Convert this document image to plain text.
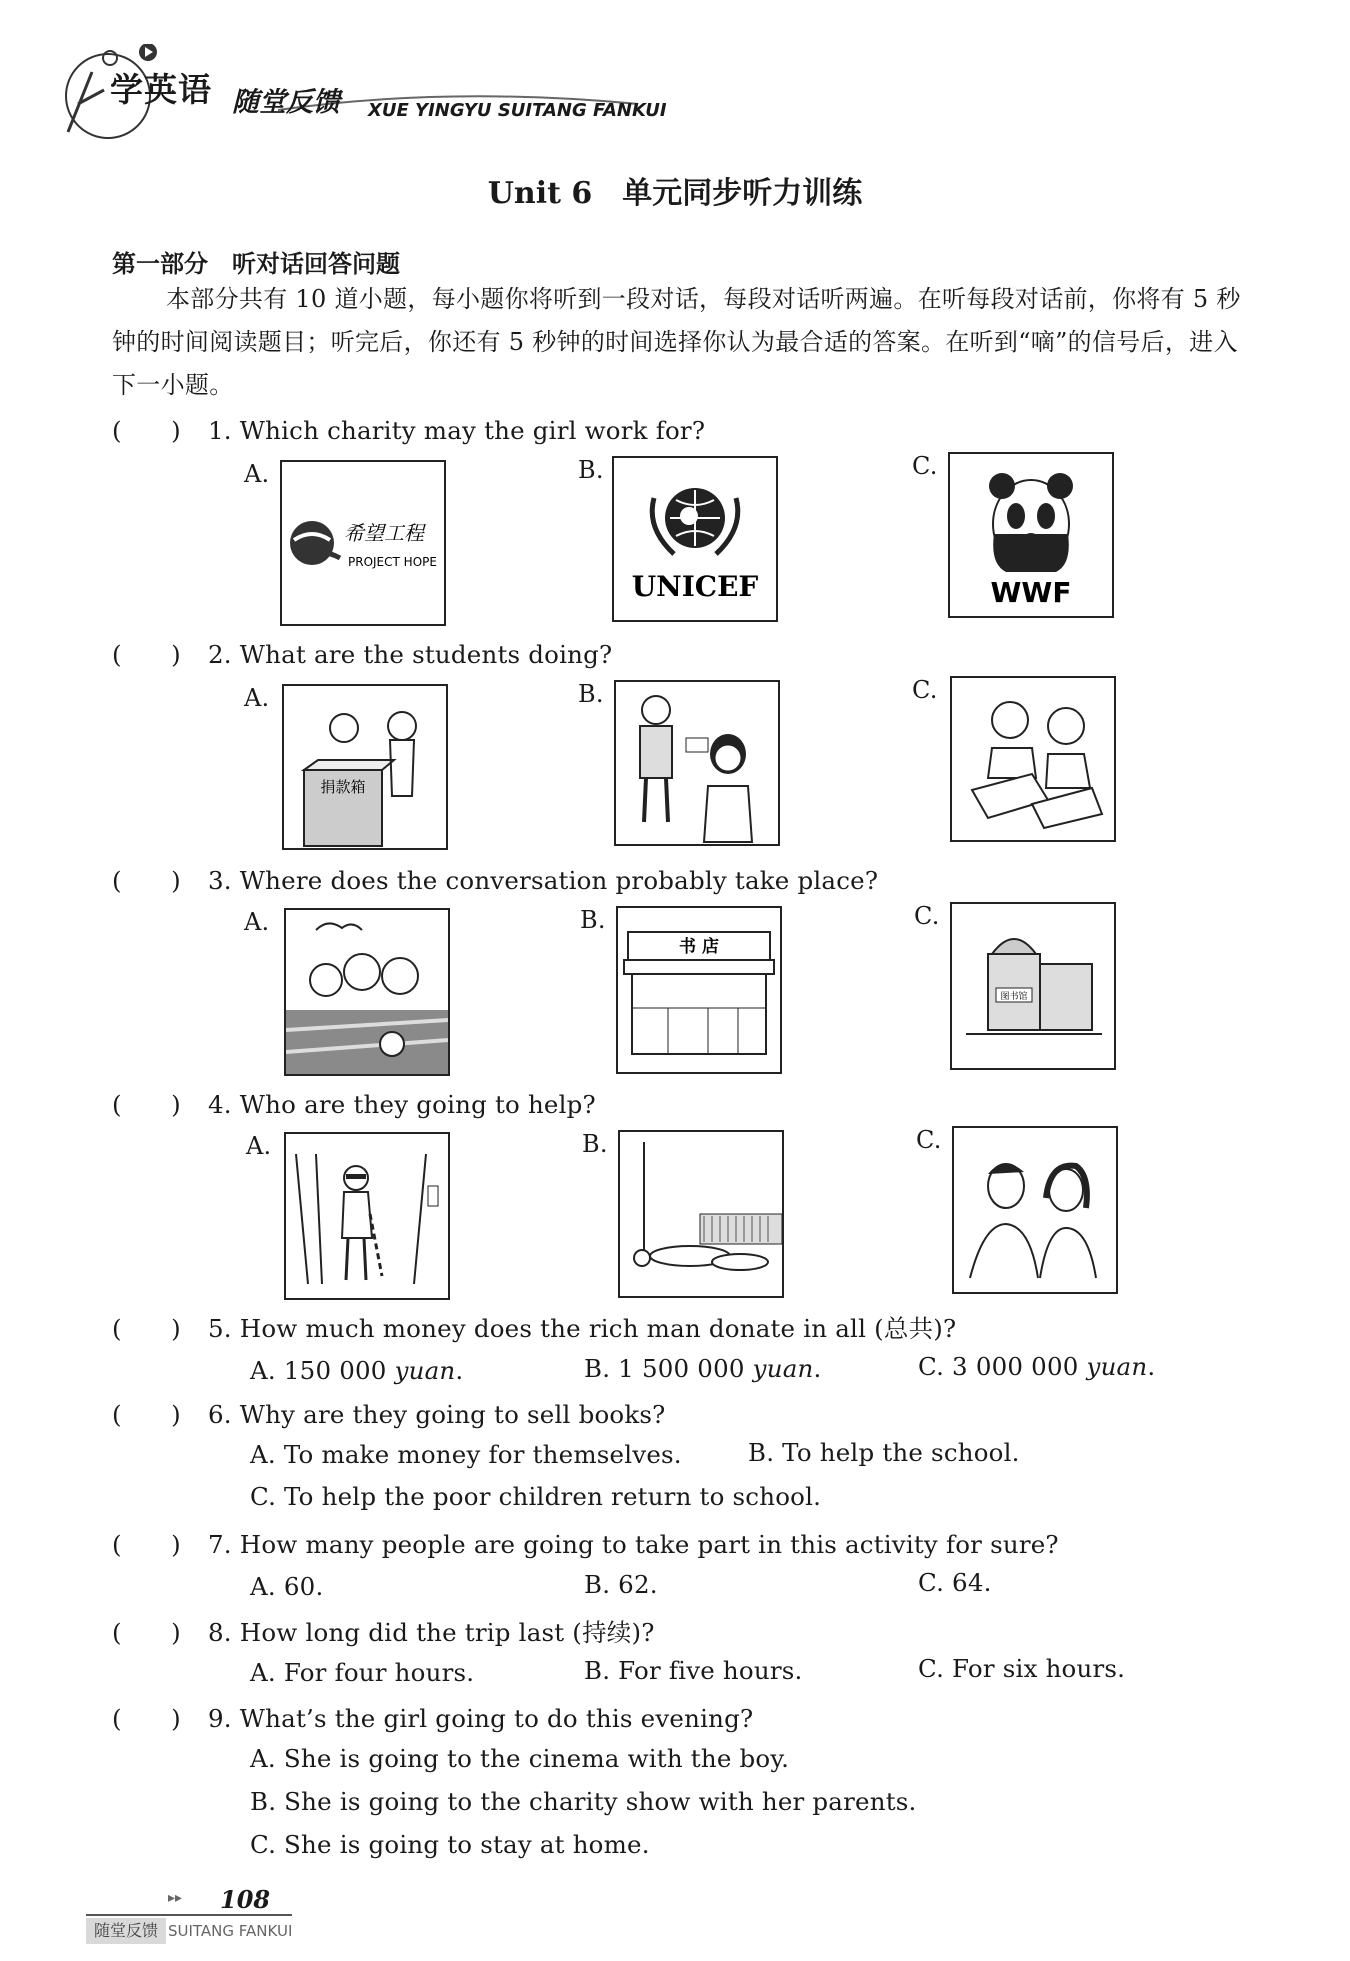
学英语 随堂反馈 XUE YINGYU SUITANG FANKUI
Unit 6　单元同步听力训练
第一部分　听对话回答问题
本部分共有 10 道小题，每小题你将听到一段对话，每段对话听两遍。在听每段对话前，你将有 5 秒钟的时间阅读题目；听完后，你还有 5 秒钟的时间选择你认为最合适的答案。在听到“嘀”的信号后，进入下一小题。
(　　) 1. Which charity may the girl work for?
A.	B.	C.
希望工程
PROJECT HOPE
UNICEF	WWF
(　　) 2. What are the students doing?
A.	B.	C.
捐款箱
(　　) 3. Where does the conversation probably take place?
A.	B.	C.
书 店
图书馆
(　　) 4. Who are they going to help?
A.	B.	C.
(　　) 5. How much money does the rich man donate in all (总共)?
A. 150 000 yuan.	B. 1 500 000 yuan.	C. 3 000 000 yuan.
(　　) 6. Why are they going to sell books?
A. To make money for themselves.	B. To help the school.
C. To help the poor children return to school.
(　　) 7. How many people are going to take part in this activity for sure?
A. 60.	B. 62.	C. 64.
(　　) 8. How long did the trip last (持续)?
A. For four hours.	B. For five hours.	C. For six hours.
(　　) 9. What’s the girl going to do this evening?
A. She is going to the cinema with the boy.
B. She is going to the charity show with her parents.
C. She is going to stay at home.
▸▸ 108
随堂反馈 SUITANG FANKUI
